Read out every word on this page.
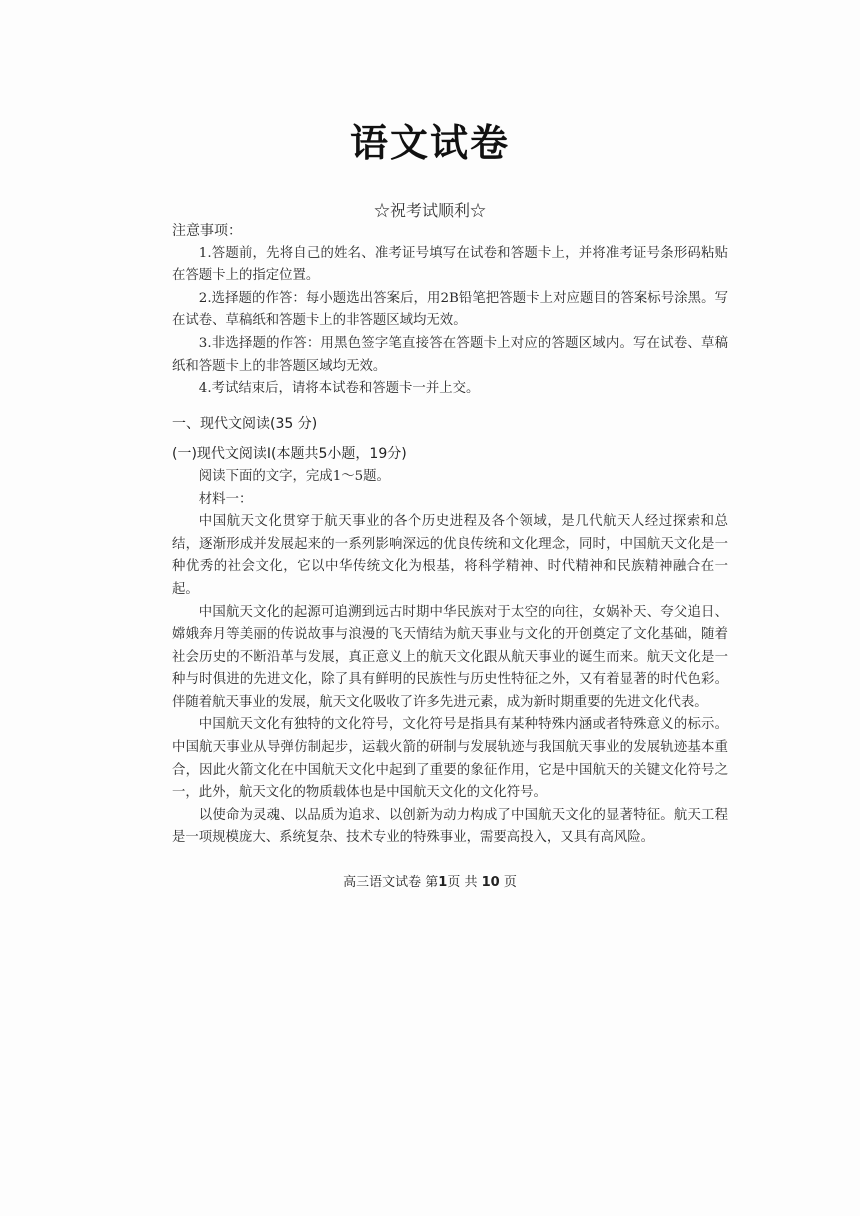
语文试卷
☆祝考试顺利☆

注意事项：

1.答题前，先将自己的姓名、准考证号填写在试卷和答题卡上，并将准考证号条形码粘贴在答题卡上的指定位置。

2.选择题的作答：每小题选出答案后，用2B铅笔把答题卡上对应题目的答案标号涂黑。写在试卷、草稿纸和答题卡上的非答题区域均无效。

3.非选择题的作答：用黑色签字笔直接答在答题卡上对应的答题区域内。写在试卷、草稿纸和答题卡上的非答题区域均无效。

4.考试结束后，请将本试卷和答题卡一并上交。

一、现代文阅读(35 分)

(一)现代文阅读Ⅰ(本题共5小题，19分)

阅读下面的文字，完成1～5题。

材料一：

中国航天文化贯穿于航天事业的各个历史进程及各个领域，是几代航天人经过探索和总结，逐渐形成并发展起来的一系列影响深远的优良传统和文化理念，同时，中国航天文化是一种优秀的社会文化，它以中华传统文化为根基，将科学精神、时代精神和民族精神融合在一起。

中国航天文化的起源可追溯到远古时期中华民族对于太空的向往，女娲补天、夸父追日、嫦娥奔月等美丽的传说故事与浪漫的飞天情结为航天事业与文化的开创奠定了文化基础，随着社会历史的不断沿革与发展，真正意义上的航天文化跟从航天事业的诞生而来。航天文化是一种与时俱进的先进文化，除了具有鲜明的民族性与历史性特征之外，又有着显著的时代色彩。伴随着航天事业的发展，航天文化吸收了许多先进元素，成为新时期重要的先进文化代表。

中国航天文化有独特的文化符号，文化符号是指具有某种特殊内涵或者特殊意义的标示。中国航天事业从导弹仿制起步，运载火箭的研制与发展轨迹与我国航天事业的发展轨迹基本重合，因此火箭文化在中国航天文化中起到了重要的象征作用，它是中国航天的关键文化符号之一，此外，航天文化的物质载体也是中国航天文化的文化符号。

以使命为灵魂、以品质为追求、以创新为动力构成了中国航天文化的显著特征。航天工程是一项规模庞大、系统复杂、技术专业的特殊事业，需要高投入，又具有高风险。

高三语文试卷 第1页 共 10 页
